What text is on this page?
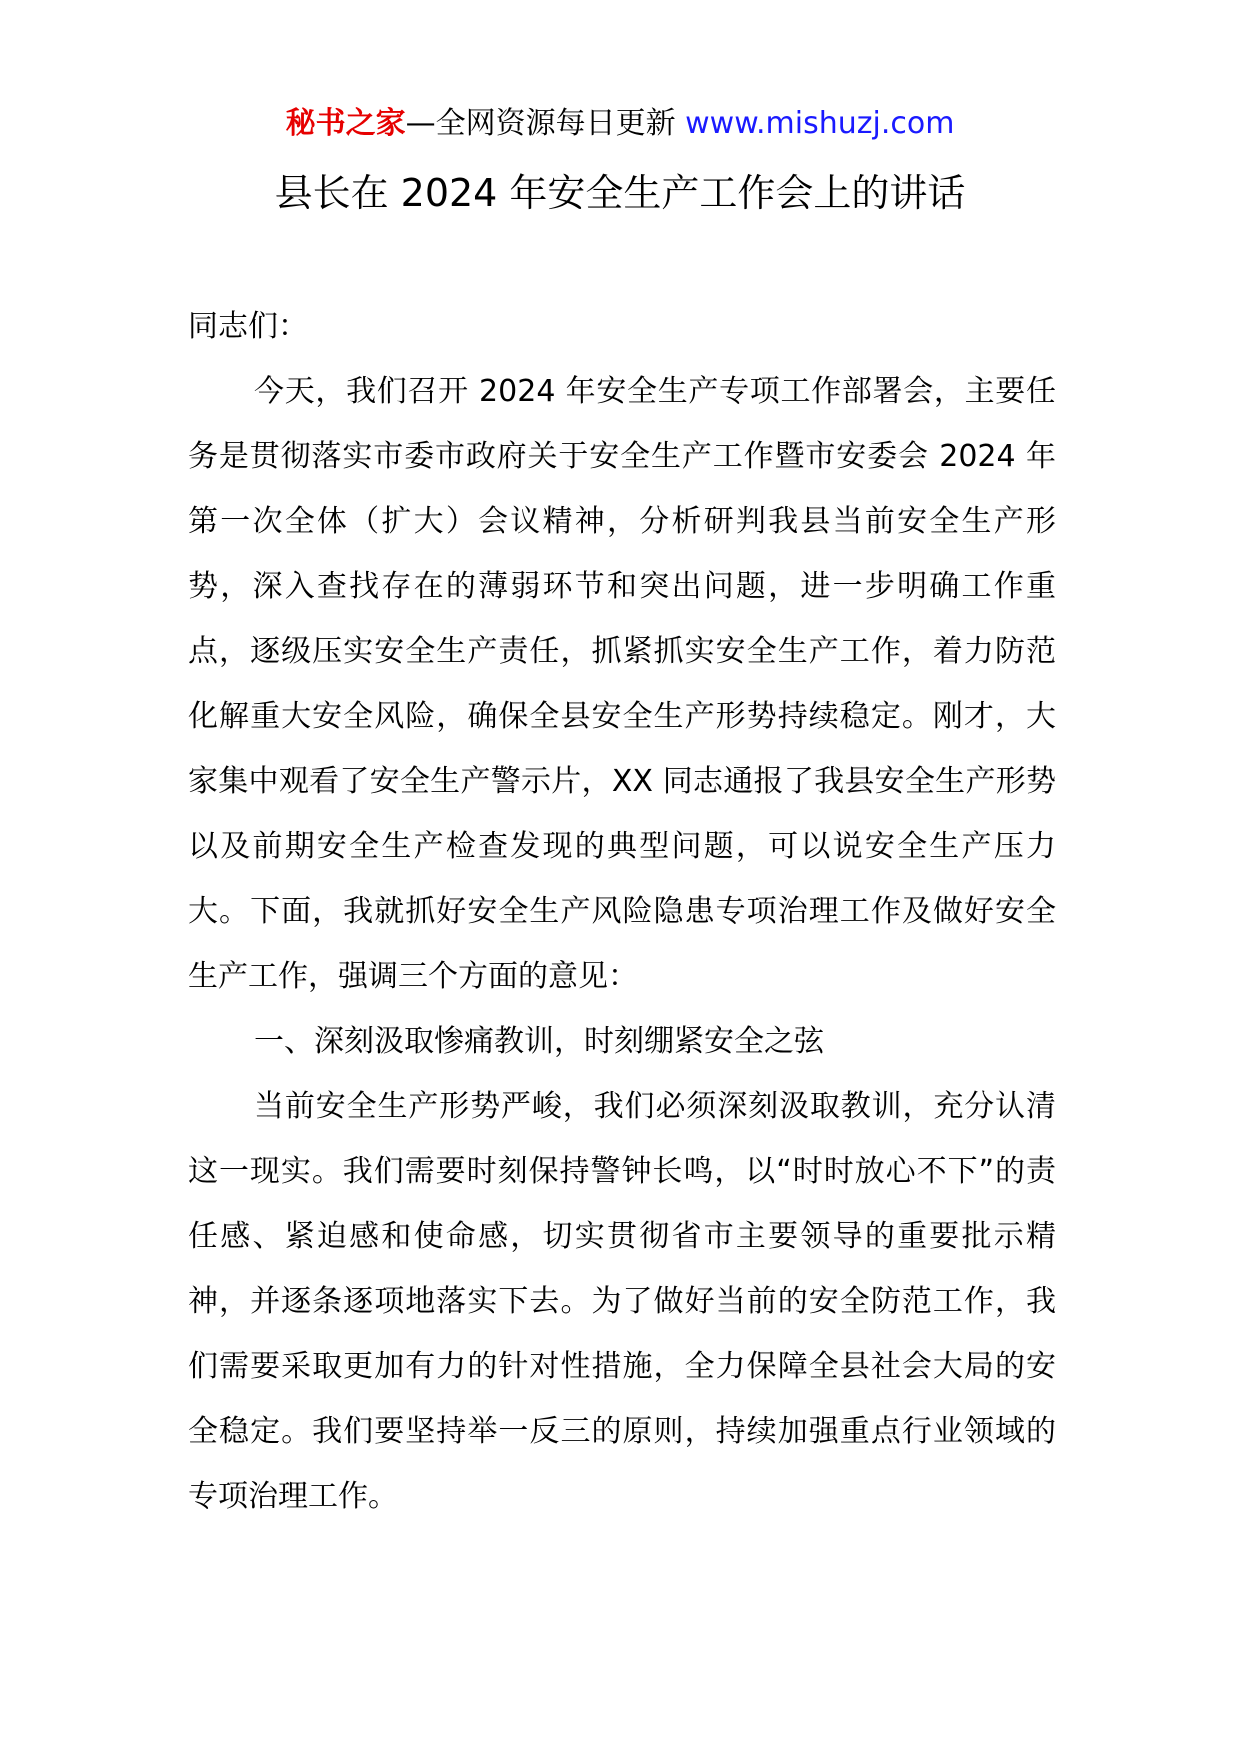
秘书之家—全网资源每日更新 www.mishuzj.com
县长在 2024 年安全生产工作会上的讲话

同志们：

今天，我们召开 2024 年安全生产专项工作部署会，主要任务是贯彻落实市委市政府关于安全生产工作暨市安委会 2024 年第一次全体（扩大）会议精神，分析研判我县当前安全生产形势，深入查找存在的薄弱环节和突出问题，进一步明确工作重点，逐级压实安全生产责任，抓紧抓实安全生产工作，着力防范化解重大安全风险，确保全县安全生产形势持续稳定。刚才，大家集中观看了安全生产警示片，XX 同志通报了我县安全生产形势以及前期安全生产检查发现的典型问题，可以说安全生产压力大。下面，我就抓好安全生产风险隐患专项治理工作及做好安全生产工作，强调三个方面的意见：

一、深刻汲取惨痛教训，时刻绷紧安全之弦

当前安全生产形势严峻，我们必须深刻汲取教训，充分认清这一现实。我们需要时刻保持警钟长鸣，以“时时放心不下”的责任感、紧迫感和使命感，切实贯彻省市主要领导的重要批示精神，并逐条逐项地落实下去。为了做好当前的安全防范工作，我们需要采取更加有力的针对性措施，全力保障全县社会大局的安全稳定。我们要坚持举一反三的原则，持续加强重点行业领域的专项治理工作。
